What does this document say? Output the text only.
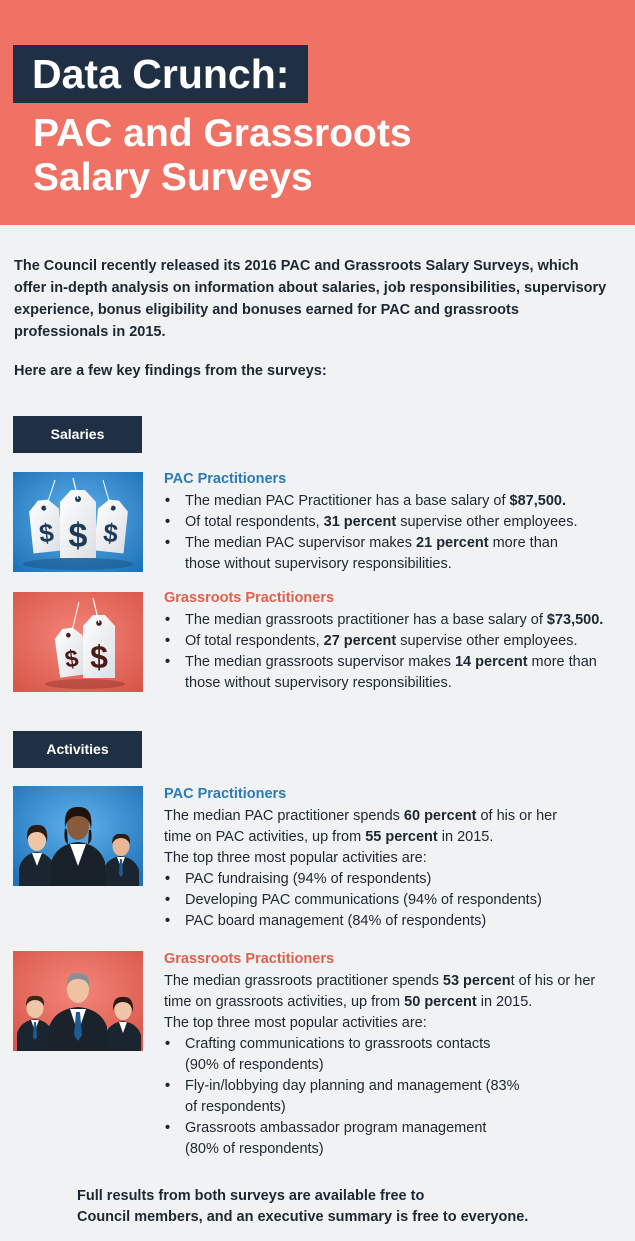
Data Crunch:
PAC and Grassroots
Salary Surveys
The Council recently released its 2016 PAC and Grassroots Salary Surveys, which offer in-depth analysis on information about salaries, job responsibilities, supervisory experience, bonus eligibility and bonuses earned for PAC and grassroots professionals in 2015.
Here are a few key findings from the surveys:
Salaries
$ $
$
PAC Practitioners
• The median PAC Practitioner has a base salary of $87,500.
• Of total respondents, 31 percent supervise other employees.
• The median PAC supervisor makes 21 percent more than those without supervisory responsibilities.
$ $
Grassroots Practitioners
• The median grassroots practitioner has a base salary of $73,500.
• Of total respondents, 27 percent supervise other employees.
• The median grassroots supervisor makes 14 percent more than those without supervisory responsibilities.
Activities
PAC Practitioners

The median PAC practitioner spends 60 percent of his or her time on PAC activities, up from 55 percent in 2015.

The top three most popular activities are:

• PAC fundraising (94% of respondents)
• Developing PAC communications (94% of respondents)
• PAC board management (84% of respondents)
Grassroots Practitioners

The median grassroots practitioner spends 53 percent of his or her time on grassroots activities, up from 50 percent in 2015.

The top three most popular activities are:

• Crafting communications to grassroots contacts (90% of respondents)
• Fly-in/lobbying day planning and management (83% of respondents)
• Grassroots ambassador program management (80% of respondents)
Full results from both surveys are available free to
Council members, and an executive summary is free to everyone.
